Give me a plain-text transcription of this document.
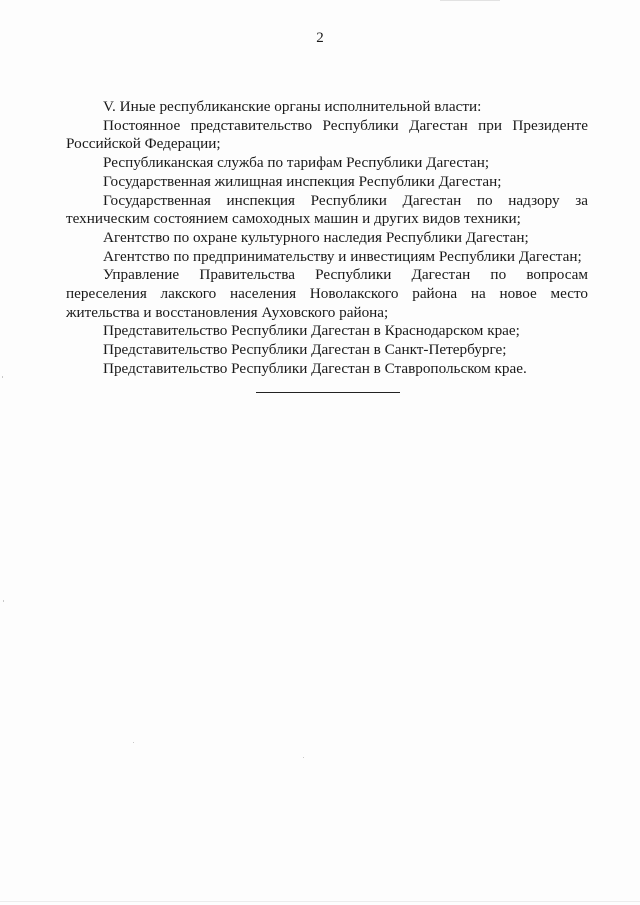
2

V. Иные республиканские органы исполнительной власти:

Постоянное представительство Республики Дагестан при Президенте Российской Федерации;

Республиканская служба по тарифам Республики Дагестан;

Государственная жилищная инспекция Республики Дагестан;

Государственная инспекция Республики Дагестан по надзору за техническим состоянием самоходных машин и других видов техники;

Агентство по охране культурного наследия Республики Дагестан;

Агентство по предпринимательству и инвестициям Республики Дагестан;

Управление Правительства Республики Дагестан по вопросам переселения лакского населения Новолакского района на новое место жительства и восстановления Ауховского района;

Представительство Республики Дагестан в Краснодарском крае;

Представительство Республики Дагестан в Санкт-Петербурге;

Представительство Республики Дагестан в Ставропольском крае.
